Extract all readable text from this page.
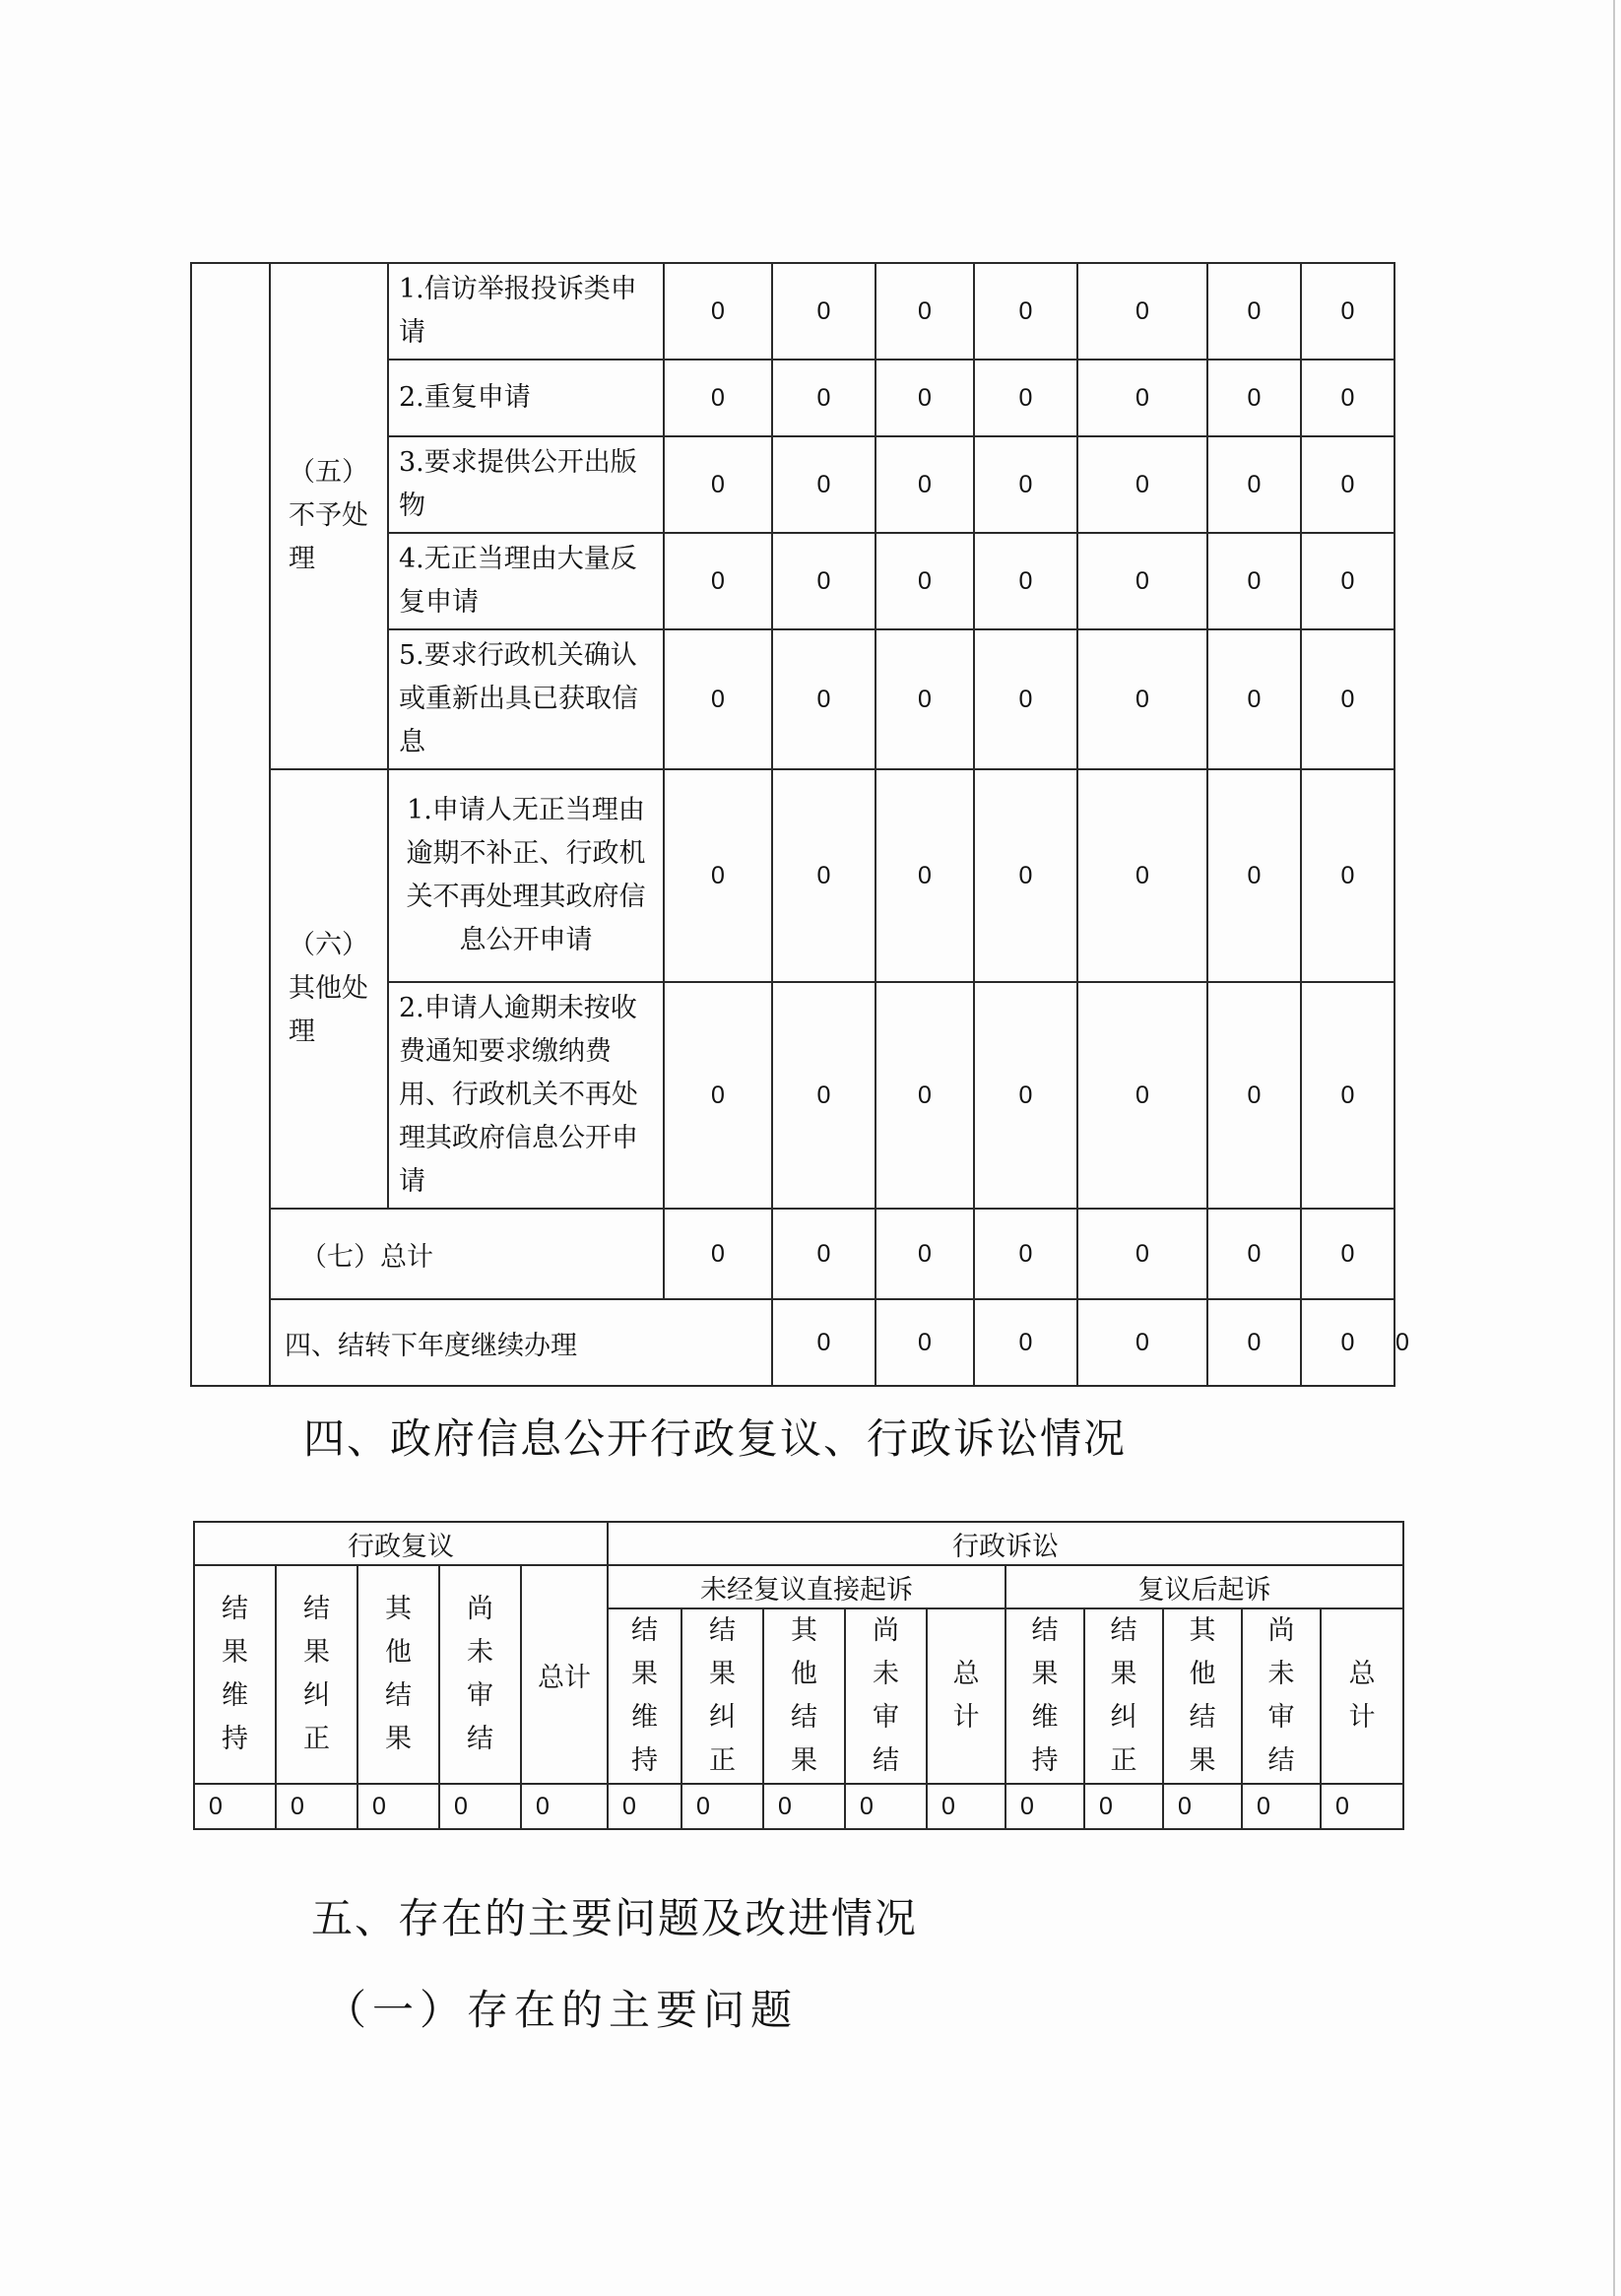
	（五）不予处理	1.信访举报投诉类申请	0	0	0	0	0	0	0	
		2.重复申请	0	0	0	0	0	0	0	
		3.要求提供公开出版物	0	0	0	0	0	0	0	
		4.无正当理由大量反复申请	0	0	0	0	0	0	0	
		5.要求行政机关确认或重新出具已获取信息	0	0	0	0	0	0	0	

	（六）其他处理	1.申请人无正当理由逾期不补正、行政机关不再处理其政府信息公开申请	0	0	0	0	0	0	0	
		2.申请人逾期未按收费通知要求缴纳费用、行政机关不再处理其政府信息公开申请	0	0	0	0	0	0	0	
	（七）总计		0	0	0	0	0	0	0	
	四、结转下年度继续办理			0	0	0	0	0	0	0
四、政府信息公开行政复议、行政诉讼情况
行政复议					行政诉讼									
结果维持	结果纠正	其他结果	尚未审结	总计	未经复议直接起诉					复议后起诉				
					结果维持	结果纠正	其他结果	尚未审结	总计	结果维持	结果纠正	其他结果	尚未审结	总计
0	0	0	0	0	0	0	0	0	0	0	0	0	0	0
五、存在的主要问题及改进情况
（一）存在的主要问题
